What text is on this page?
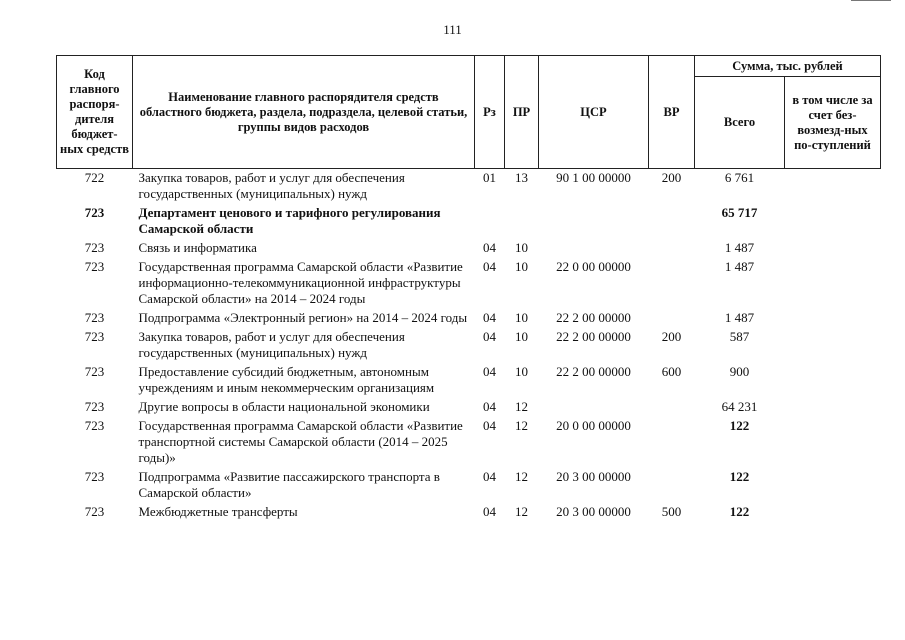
111
Код главного распоря-дителя бюджет-ных средств	Наименование главного распорядителя средств областного бюджета, раздела, подраздела, целевой статьи, группы видов расходов	Рз	ПР	ЦСР	ВР	Сумма, тыс. рублей	
						Всего	в том числе за счет без-возмезд-ных по-ступлений
722	Закупка товаров, работ и услуг для обеспечения государственных (муниципальных) нужд	01	13	90 1 00 00000	200	6 761	
723	Департамент ценового и тарифного регулирования Самарской области					65 717	
723	Связь и информатика	04	10			1 487	
723	Государственная программа Самарской области «Развитие информационно-телекоммуникационной инфраструктуры Самарской области» на 2014 – 2024 годы	04	10	22 0 00 00000		1 487	
723	Подпрограмма «Электронный регион» на 2014 – 2024 годы	04	10	22 2 00 00000		1 487	
723	Закупка товаров, работ и услуг для обеспечения государственных (муниципальных) нужд	04	10	22 2 00 00000	200	587	
723	Предоставление субсидий бюджетным, автономным учреждениям и иным некоммерческим организациям	04	10	22 2 00 00000	600	900	
723	Другие вопросы в области национальной экономики	04	12			64 231	
723	Государственная программа Самарской области «Развитие транспортной системы Самарской области (2014 – 2025 годы)»	04	12	20 0 00 00000		122	
723	Подпрограмма «Развитие пассажирского транспорта в Самарской области»	04	12	20 3 00 00000		122	
723	Межбюджетные трансферты	04	12	20 3 00 00000	500	122	
